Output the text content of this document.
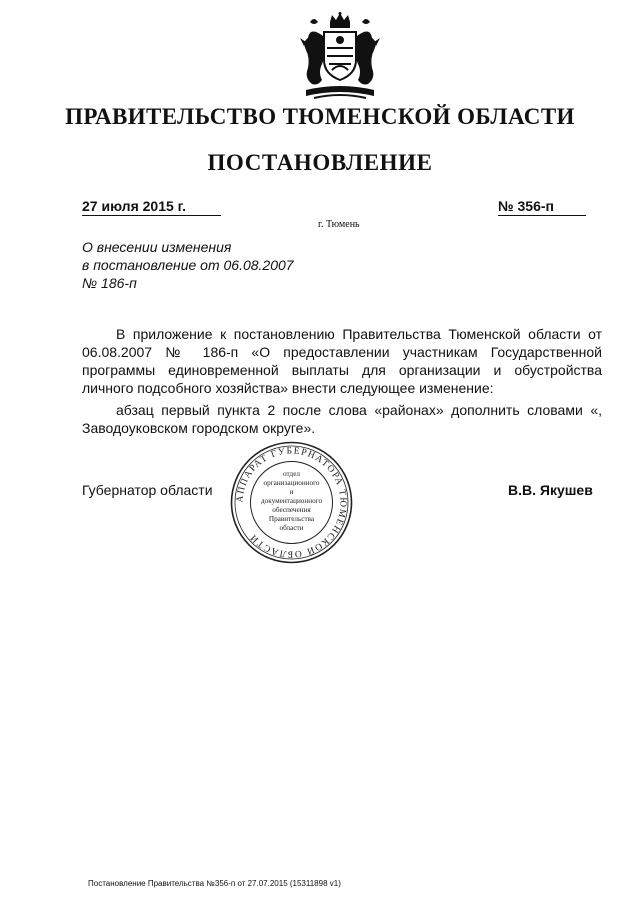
ПРАВИТЕЛЬСТВО ТЮМЕНСКОЙ ОБЛАСТИ
ПОСТАНОВЛЕНИЕ
27 июля 2015 г.	№ 356-п
г. Тюмень
О внесении изменения
в постановление от 06.08.2007
№ 186-п

В приложение к постановлению Правительства Тюменской области от 06.08.2007 № 186-п «О предоставлении участникам Государственной программы единовременной выплаты для организации и обустройства личного подсобного хозяйства» внести следующее изменение:

абзац первый пункта 2 после слова «районах» дополнить словами «, Заводоуковском городском округе».

Губернатор области	В.В. Якушев
АППАРАТ ГУБЕРНАТОРА ТЮМЕНСКОЙ ОБЛАСТИ
отдел
организационного
и
документационного
обеспечения
Правительства
области
Постановление Правительства №356-п от 27.07.2015 (15311898 v1)
